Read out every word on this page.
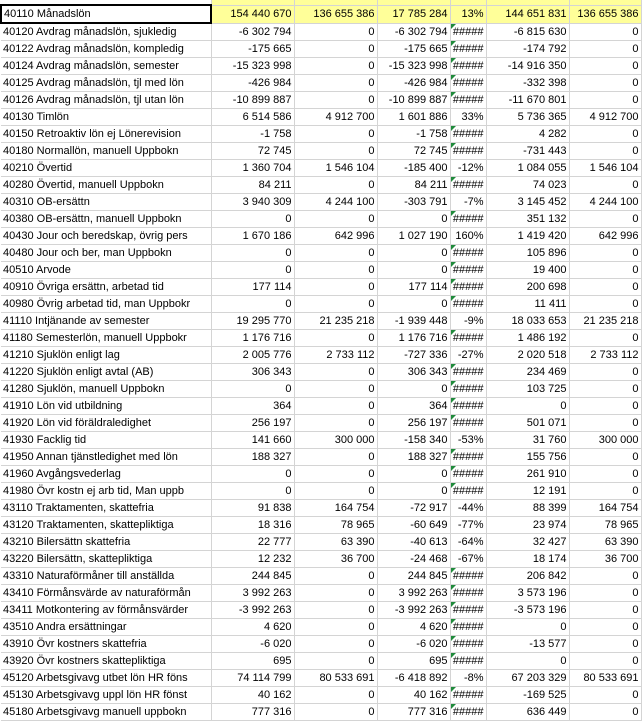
40110 Månadslön	154 440 670	136 655 386	17 785 284	13%	144 651 831	136 655 386
40120 Avdrag månadslön, sjukledig	-6 302 794	0	-6 302 794	#####	-6 815 630	0
40122 Avdrag månadslön, kompledig	-175 665	0	-175 665	#####	-174 792	0
40124 Avdrag månadslön, semester	-15 323 998	0	-15 323 998	#####	-14 916 350	0
40125 Avdrag månadslön, tjl med lön	-426 984	0	-426 984	#####	-332 398	0
40126 Avdrag månadslön, tjl utan lön	-10 899 887	0	-10 899 887	#####	-11 670 801	0
40130 Timlön	6 514 586	4 912 700	1 601 886	33%	5 736 365	4 912 700
40150 Retroaktiv lön ej Lönerevision	-1 758	0	-1 758	#####	4 282	0
40180 Normallön, manuell Uppbokn	72 745	0	72 745	#####	-731 443	0
40210 Övertid	1 360 704	1 546 104	-185 400	-12%	1 084 055	1 546 104
40280 Övertid, manuell Uppbokn	84 211	0	84 211	#####	74 023	0
40310 OB-ersättn	3 940 309	4 244 100	-303 791	-7%	3 145 452	4 244 100
40380 OB-ersättn, manuell Uppbokn	0	0	0	#####	351 132	0
40430 Jour och beredskap, övrig pers	1 670 186	642 996	1 027 190	160%	1 419 420	642 996
40480 Jour och ber, man Uppbokn	0	0	0	#####	105 896	0
40510 Arvode	0	0	0	#####	19 400	0
40910 Övriga ersättn, arbetad tid	177 114	0	177 114	#####	200 698	0
40980 Övrig arbetad tid, man Uppbokr	0	0	0	#####	11 411	0
41110 Intjänande av semester	19 295 770	21 235 218	-1 939 448	-9%	18 033 653	21 235 218
41180 Semesterlön, manuell Uppbokr	1 176 716	0	1 176 716	#####	1 486 192	0
41210 Sjuklön enligt lag	2 005 776	2 733 112	-727 336	-27%	2 020 518	2 733 112
41220 Sjuklön enligt avtal (AB)	306 343	0	306 343	#####	234 469	0
41280 Sjuklön, manuell Uppbokn	0	0	0	#####	103 725	0
41910 Lön vid utbildning	364	0	364	#####	0	0
41920 Lön vid föräldraledighet	256 197	0	256 197	#####	501 071	0
41930 Facklig tid	141 660	300 000	-158 340	-53%	31 760	300 000
41950 Annan tjänstledighet med lön	188 327	0	188 327	#####	155 756	0
41960 Avgångsvederlag	0	0	0	#####	261 910	0
41980 Övr kostn ej arb tid, Man uppb	0	0	0	#####	12 191	0
43110 Traktamenten, skattefria	91 838	164 754	-72 917	-44%	88 399	164 754
43120 Traktamenten, skattepliktiga	18 316	78 965	-60 649	-77%	23 974	78 965
43210 Bilersättn skattefria	22 777	63 390	-40 613	-64%	32 427	63 390
43220 Bilersättn, skattepliktiga	12 232	36 700	-24 468	-67%	18 174	36 700
43310 Naturaförmåner till anställda	244 845	0	244 845	#####	206 842	0
43410 Förmånsvärde av naturaförmån	3 992 263	0	3 992 263	#####	3 573 196	0
43411 Motkontering av förmånsvärder	-3 992 263	0	-3 992 263	#####	-3 573 196	0
43510 Andra ersättningar	4 620	0	4 620	#####	0	0
43910 Övr kostners skattefria	-6 020	0	-6 020	#####	-13 577	0
43920 Övr kostners skattepliktiga	695	0	695	#####	0	0
45120 Arbetsgivavg utbet lön HR föns	74 114 799	80 533 691	-6 418 892	-8%	67 203 329	80 533 691
45130 Arbetsgivavg uppl lön HR fönst	40 162	0	40 162	#####	-169 525	0
45180 Arbetsgivavg manuell uppbokn	777 316	0	777 316	#####	636 449	0
